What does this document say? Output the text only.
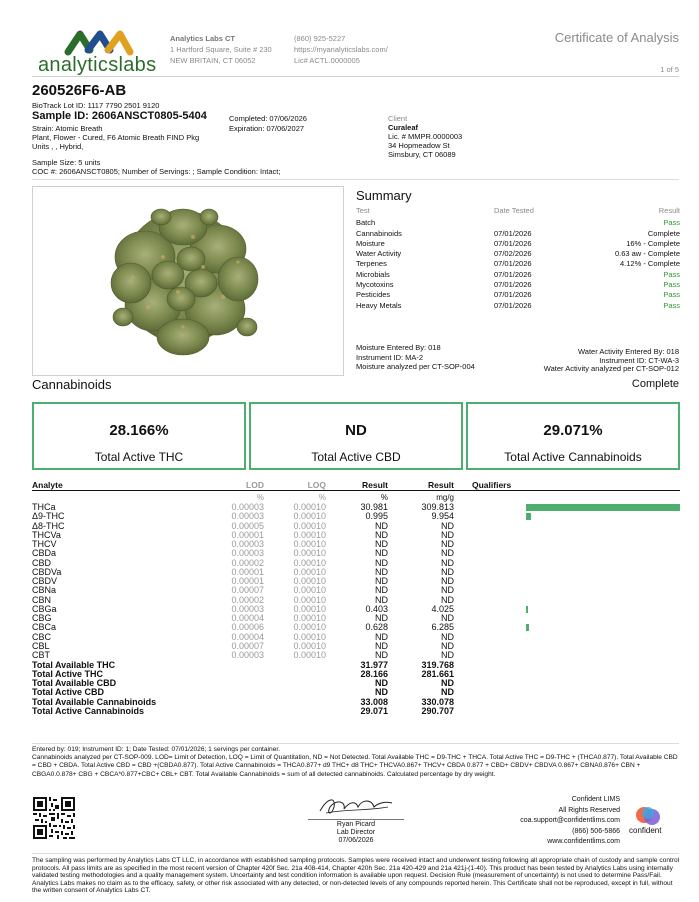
analyticslabs
Analytics Labs CT
1 Hartford Square, Suite # 230
NEW BRITAIN, CT 06052
(860) 925-5227
https://myanalyticslabs.com/
Lic# ACTL.0000005
Certificate of Analysis
1 of 5
260526F6-AB
BioTrack Lot ID: 1117 7790 2501 9120
Sample ID: 2606ANSCT0805-5404	Completed: 07/06/2026
Expiration: 07/06/2027
Strain: Atomic Breath
Plant, Flower - Cured, F6 Atomic Breath FIND Pkg
Units , , Hybrid,
Client
Curaleaf
Lic. # MMPR.0000003
34 Hopmeadow St
Simsbury, CT 06089
Sample Size: 5 units
COC #: 2606ANSCT0805; Number of Servings: ; Sample Condition: Intact;
Summary
Test	Date Tested	Result
Batch		Pass
Cannabinoids	07/01/2026	Complete
Moisture	07/01/2026	16% - Complete
Water Activity	07/02/2026	0.63 aw - Complete
Terpenes	07/01/2026	4.12% - Complete
Microbials	07/01/2026	Pass
Mycotoxins	07/01/2026	Pass
Pesticides	07/01/2026	Pass
Heavy Metals	07/01/2026	Pass
Moisture Entered By: 018
Instrument ID: MA-2
Moisture analyzed per CT-SOP-004
Water Activity Entered By: 018
Instrument ID: CT-WA-3
Water Activity analyzed per CT-SOP-012
Cannabinoids	Complete
28.166%
Total Active THC
ND
Total Active CBD
29.071%
Total Active Cannabinoids
Analyte	LOD	LOQ	Result	Result Qualifiers
%	%	%	mg/g
THCa	0.00003	0.00010	30.981	309.813
Δ9-THC	0.00003	0.00010	0.995	9.954
Δ8-THC	0.00005	0.00010	ND	ND
THCVa	0.00001	0.00010	ND	ND
THCV	0.00003	0.00010	ND	ND
CBDa	0.00003	0.00010	ND	ND
CBD	0.00002	0.00010	ND	ND
CBDVa	0.00001	0.00010	ND	ND
CBDV	0.00001	0.00010	ND	ND
CBNa	0.00007	0.00010	ND	ND
CBN	0.00002	0.00010	ND	ND
CBGa	0.00003	0.00010	0.403	4.025
CBG	0.00004	0.00010	ND	ND
CBCa	0.00006	0.00010	0.628	6.285
CBC	0.00004	0.00010	ND	ND
CBL	0.00007	0.00010	ND	ND
CBT	0.00003	0.00010	ND	ND
Total Available THC	31.977	319.768
Total Active THC	28.166	281.661
Total Available CBD	ND	ND
Total Active CBD	ND	ND
Total Available Cannabinoids	33.008	330.078
Total Active Cannabinoids	29.071	290.707

Entered by: 019; Instrument ID: 1; Date Tested: 07/01/2026; 1 servings per container.

Cannabinoids analyzed per CT-SOP-009. LOD= Limit of Detection, LOQ = Limit of Quantitation, ND = Not Detected. Total Available THC = D9-THC + THCA. Total Active THC = D9-THC + (THCA0.877). Total Available CBD = CBD + CBDA. Total Active CBD = CBD +(CBDA0.877). Total Active Cannabinoids = THCA0.877+ d9 THC+ d8 THC+ THCVA0.867+ THCV+ CBDA 0.877 + CBD+ CBDV+ CBDVA 0.867+ CBNA0.876+ CBN + CBGA0.0.878+ CBG + CBCA*0.877+CBC+ CBL+ CBT. Total Available Cannabinoids = sum of all detected cannabinoids. Calculated percentage by dry weight.

Ryan Picard
Lab Director
07/06/2026
Confident LIMS
All Rights Reserved
coa.support@confidentlims.com
(866) 506-5866
www.confidentlims.com
confident
The sampling was performed by Analytics Labs CT LLC, in accordance with established sampling protocols. Samples were received intact and underwent testing following all appropriate chain of custody and sample control protocols. All pass limits are as specified in the most recent version of Chapter 420f Sec. 21a 408-414, Chapter 420h Sec. 21a 420-429 and 21a 421j-(1-40). This product has been tested by Analytics Labs using internally validated testing methodologies and a quality management system. Uncertainty and test condition information is available upon request. Decision Rule (measurement of uncertainty) is not used to determine Pass/Fail. Analytics Labs makes no claim as to the efficacy, safety, or other risk associated with any detected, or non-detected levels of any compounds reported herein. This Certificate shall not be reproduced, except in full, without the written consent of Analytics Labs CT.
